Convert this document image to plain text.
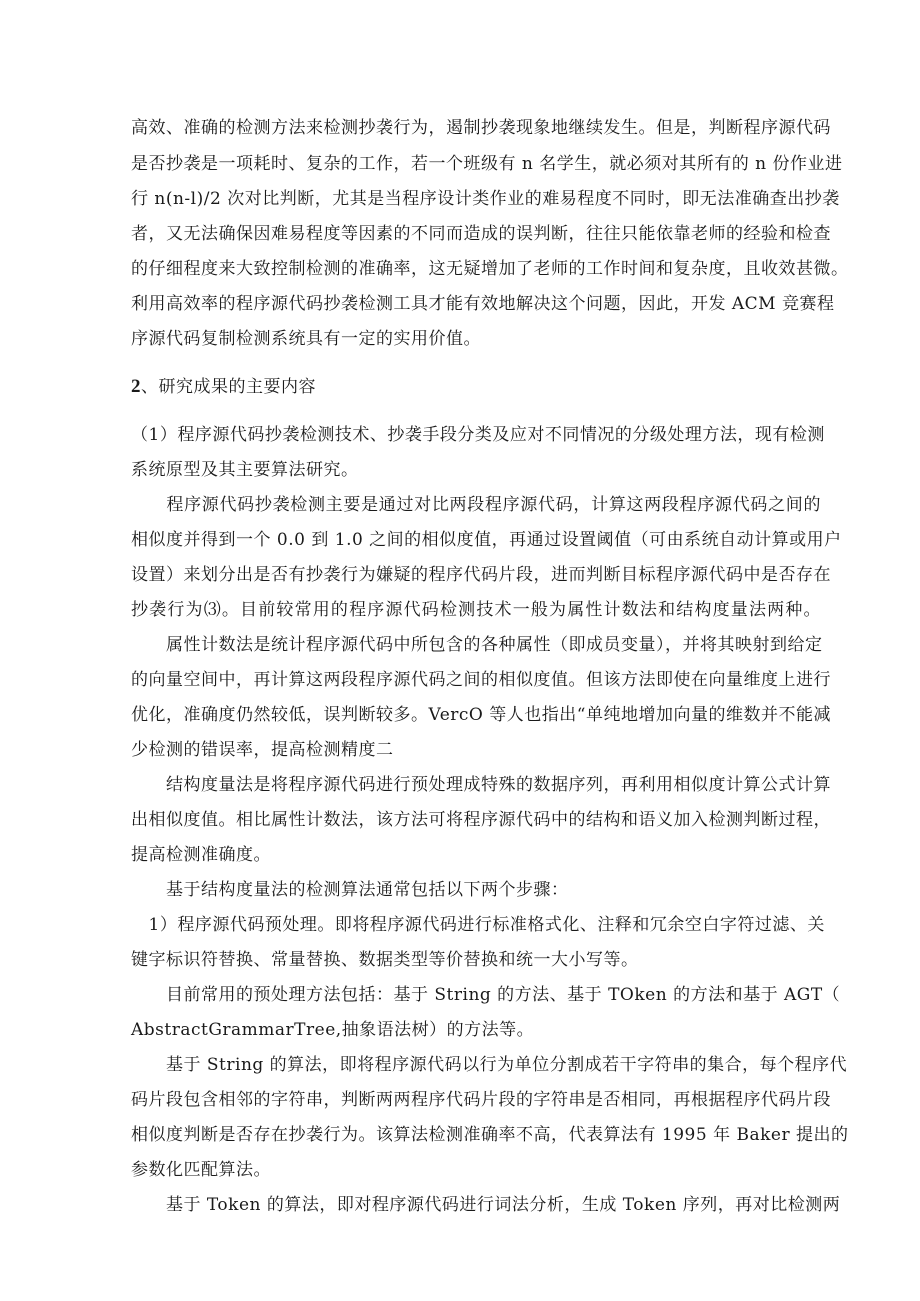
高效、准确的检测方法来检测抄袭行为，遏制抄袭现象地继续发生。但是，判断程序源代码
是否抄袭是一项耗时、复杂的工作，若一个班级有 n 名学生，就必须对其所有的 n 份作业进
行 n(n-l)/2 次对比判断，尤其是当程序设计类作业的难易程度不同时，即无法准确查出抄袭
者，又无法确保因难易程度等因素的不同而造成的误判断，往往只能依靠老师的经验和检查
的仔细程度来大致控制检测的准确率，这无疑增加了老师的工作时间和复杂度，且收效甚微。
利用高效率的程序源代码抄袭检测工具才能有效地解决这个问题，因此，开发 ACM 竞赛程
序源代码复制检测系统具有一定的实用价值。
2、研究成果的主要内容
（1）程序源代码抄袭检测技术、抄袭手段分类及应对不同情况的分级处理方法，现有检测
系统原型及其主要算法研究。
　　程序源代码抄袭检测主要是通过对比两段程序源代码，计算这两段程序源代码之间的
相似度并得到一个 0.0 到 1.0 之间的相似度值，再通过设置阈值（可由系统自动计算或用户
设置）来划分出是否有抄袭行为嫌疑的程序代码片段，进而判断目标程序源代码中是否存在
抄袭行为⑶。目前较常用的程序源代码检测技术一般为属性计数法和结构度量法两种。
　　属性计数法是统计程序源代码中所包含的各种属性（即成员变量），并将其映射到给定
的向量空间中，再计算这两段程序源代码之间的相似度值。但该方法即使在向量维度上进行
优化，准确度仍然较低，误判断较多。VercO 等人也指出“单纯地增加向量的维数并不能减
少检测的错误率，提高检测精度二
　　结构度量法是将程序源代码进行预处理成特殊的数据序列，再利用相似度计算公式计算
出相似度值。相比属性计数法，该方法可将程序源代码中的结构和语义加入检测判断过程，
提高检测准确度。
　　基于结构度量法的检测算法通常包括以下两个步骤：
　1）程序源代码预处理。即将程序源代码进行标准格式化、注释和冗余空白字符过滤、关
键字标识符替换、常量替换、数据类型等价替换和统一大小写等。
　　目前常用的预处理方法包括：基于 String 的方法、基于 TOken 的方法和基于 AGT（
AbstractGrammarTree,抽象语法树）的方法等。
　　基于 String 的算法，即将程序源代码以行为单位分割成若干字符串的集合，每个程序代
码片段包含相邻的字符串，判断两两程序代码片段的字符串是否相同，再根据程序代码片段
相似度判断是否存在抄袭行为。该算法检测准确率不高，代表算法有 1995 年 Baker 提出的
参数化匹配算法。
　　基于 Token 的算法，即对程序源代码进行词法分析，生成 Token 序列，再对比检测两
